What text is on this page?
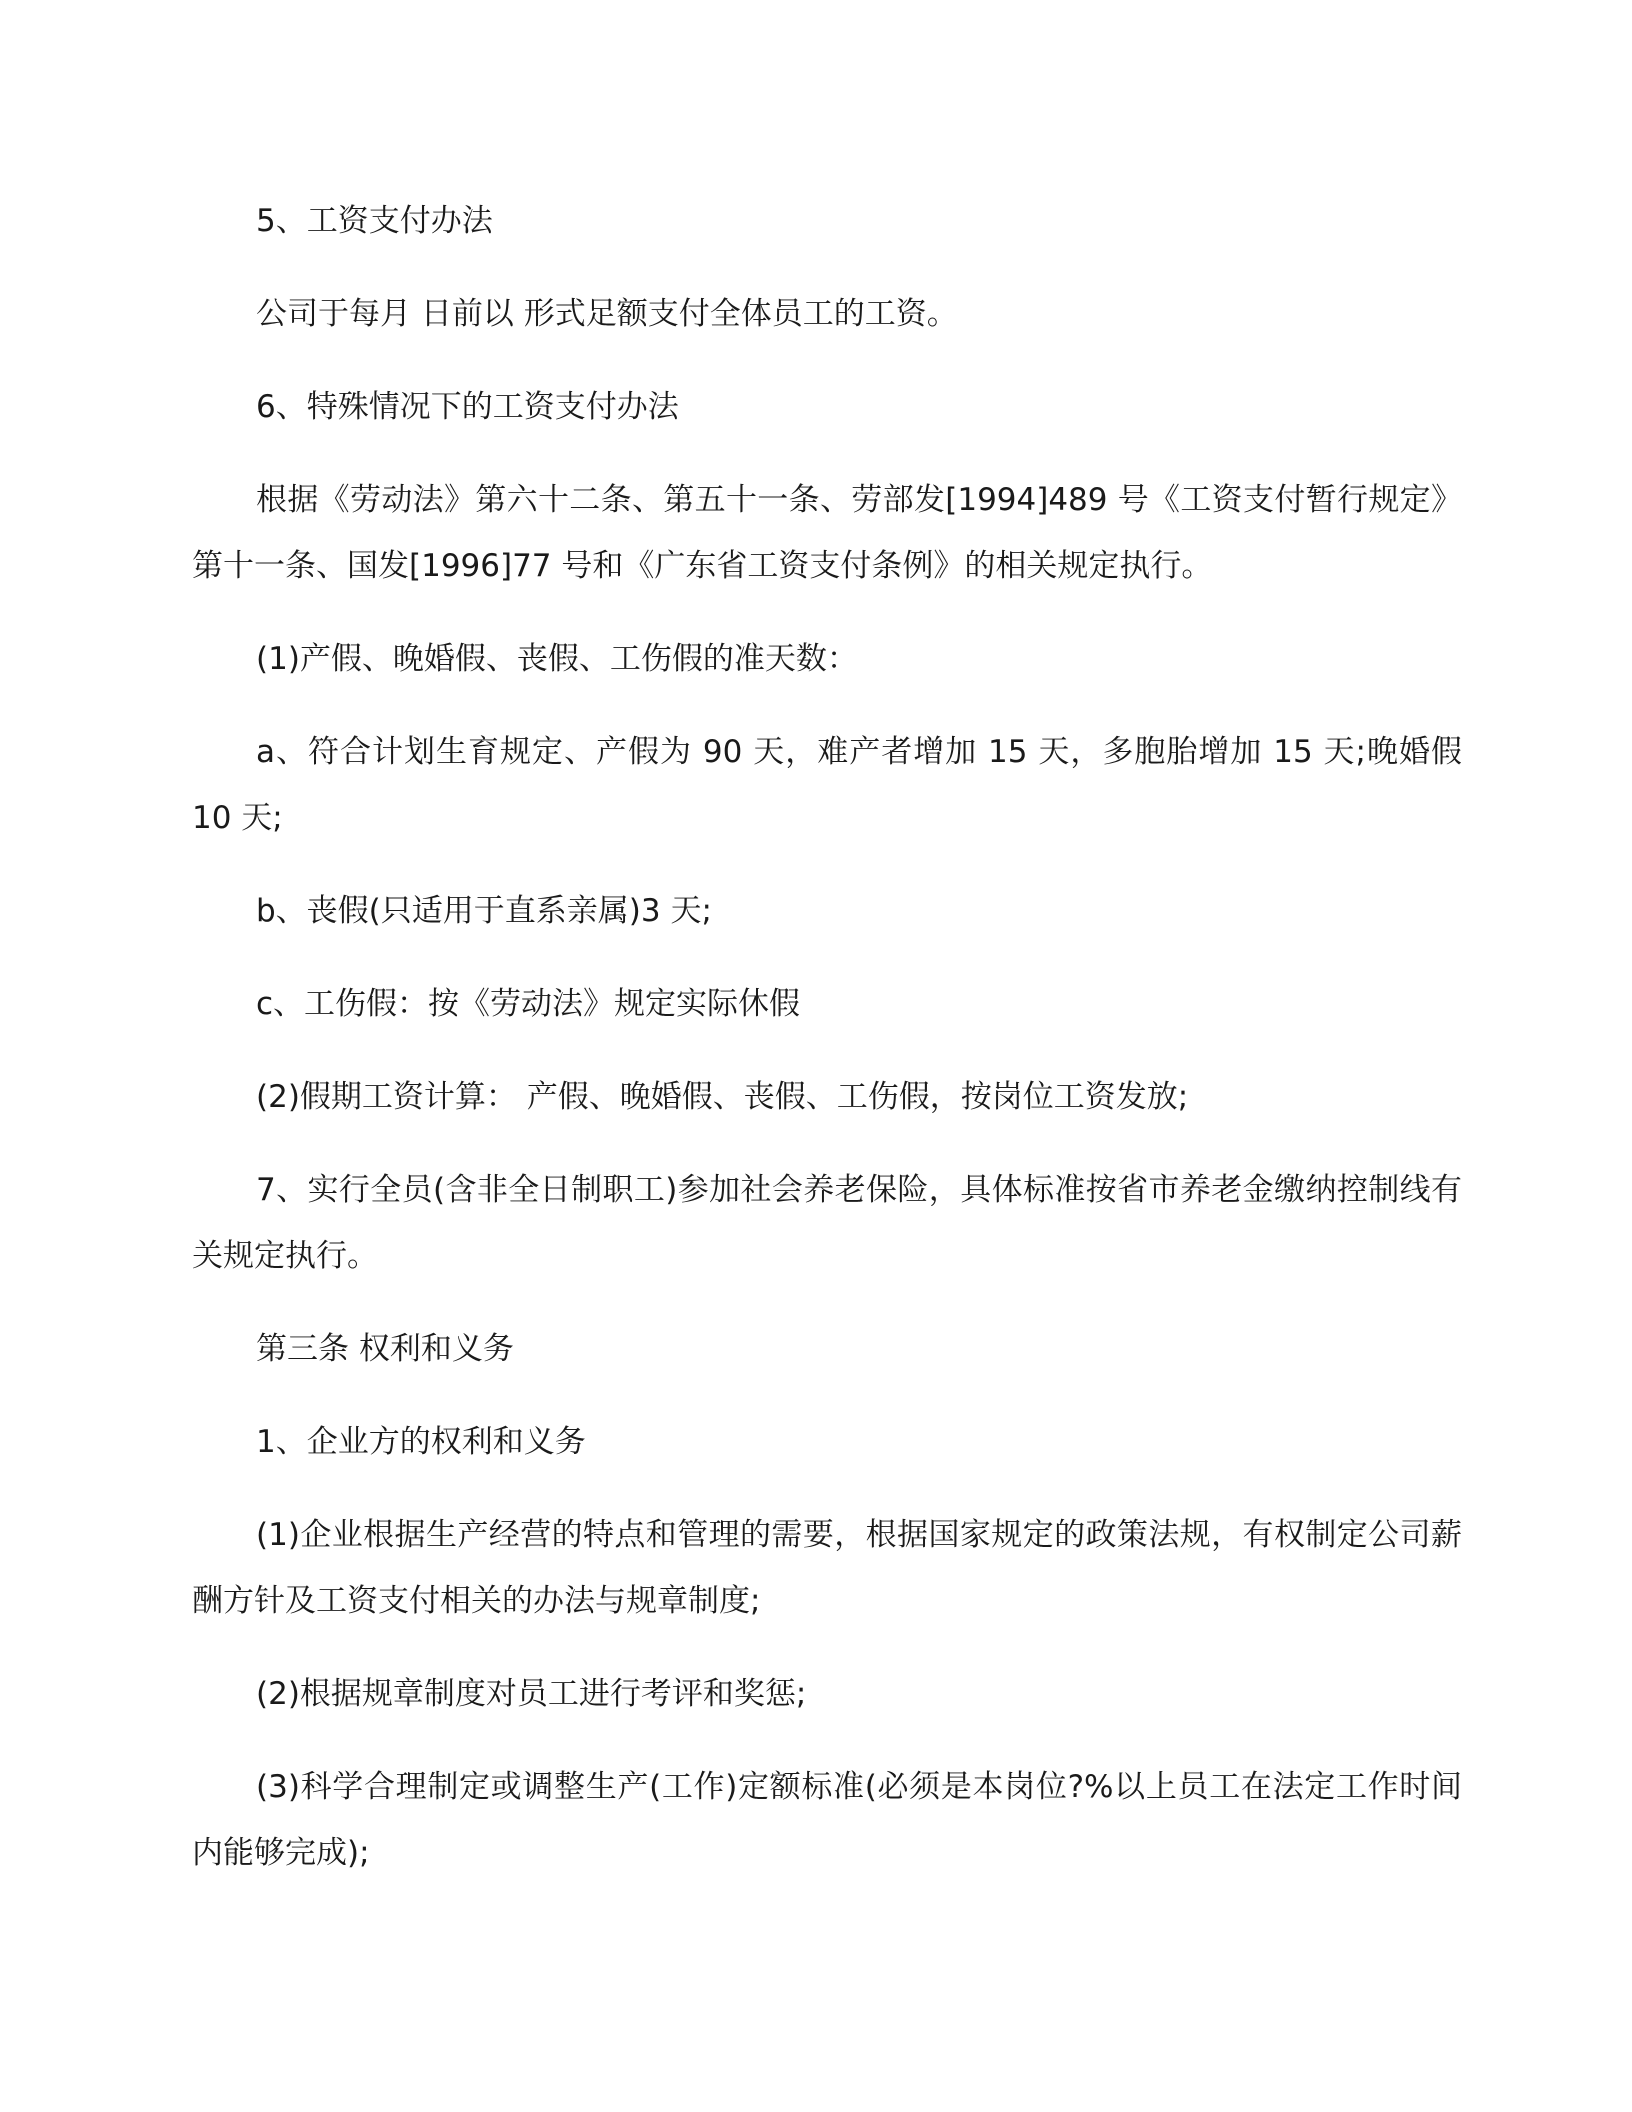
5、工资支付办法

公司于每月 日前以 形式足额支付全体员工的工资。

6、特殊情况下的工资支付办法

根据《劳动法》第六十二条、第五十一条、劳部发[1994]489 号《工资支付暂行规定》第十一条、国发[1996]77 号和《广东省工资支付条例》的相关规定执行。

(1)产假、晚婚假、丧假、工伤假的准天数：

a、符合计划生育规定、产假为 90 天，难产者增加 15 天，多胞胎增加 15 天;晚婚假 10 天;

b、丧假(只适用于直系亲属)3 天;

c、工伤假：按《劳动法》规定实际休假

(2)假期工资计算： 产假、晚婚假、丧假、工伤假，按岗位工资发放;

7、实行全员(含非全日制职工)参加社会养老保险，具体标准按省市养老金缴纳控制线有关规定执行。

第三条 权利和义务

1、企业方的权利和义务

(1)企业根据生产经营的特点和管理的需要，根据国家规定的政策法规，有权制定公司薪酬方针及工资支付相关的办法与规章制度;

(2)根据规章制度对员工进行考评和奖惩;

(3)科学合理制定或调整生产(工作)定额标准(必须是本岗位?%以上员工在法定工作时间内能够完成);
